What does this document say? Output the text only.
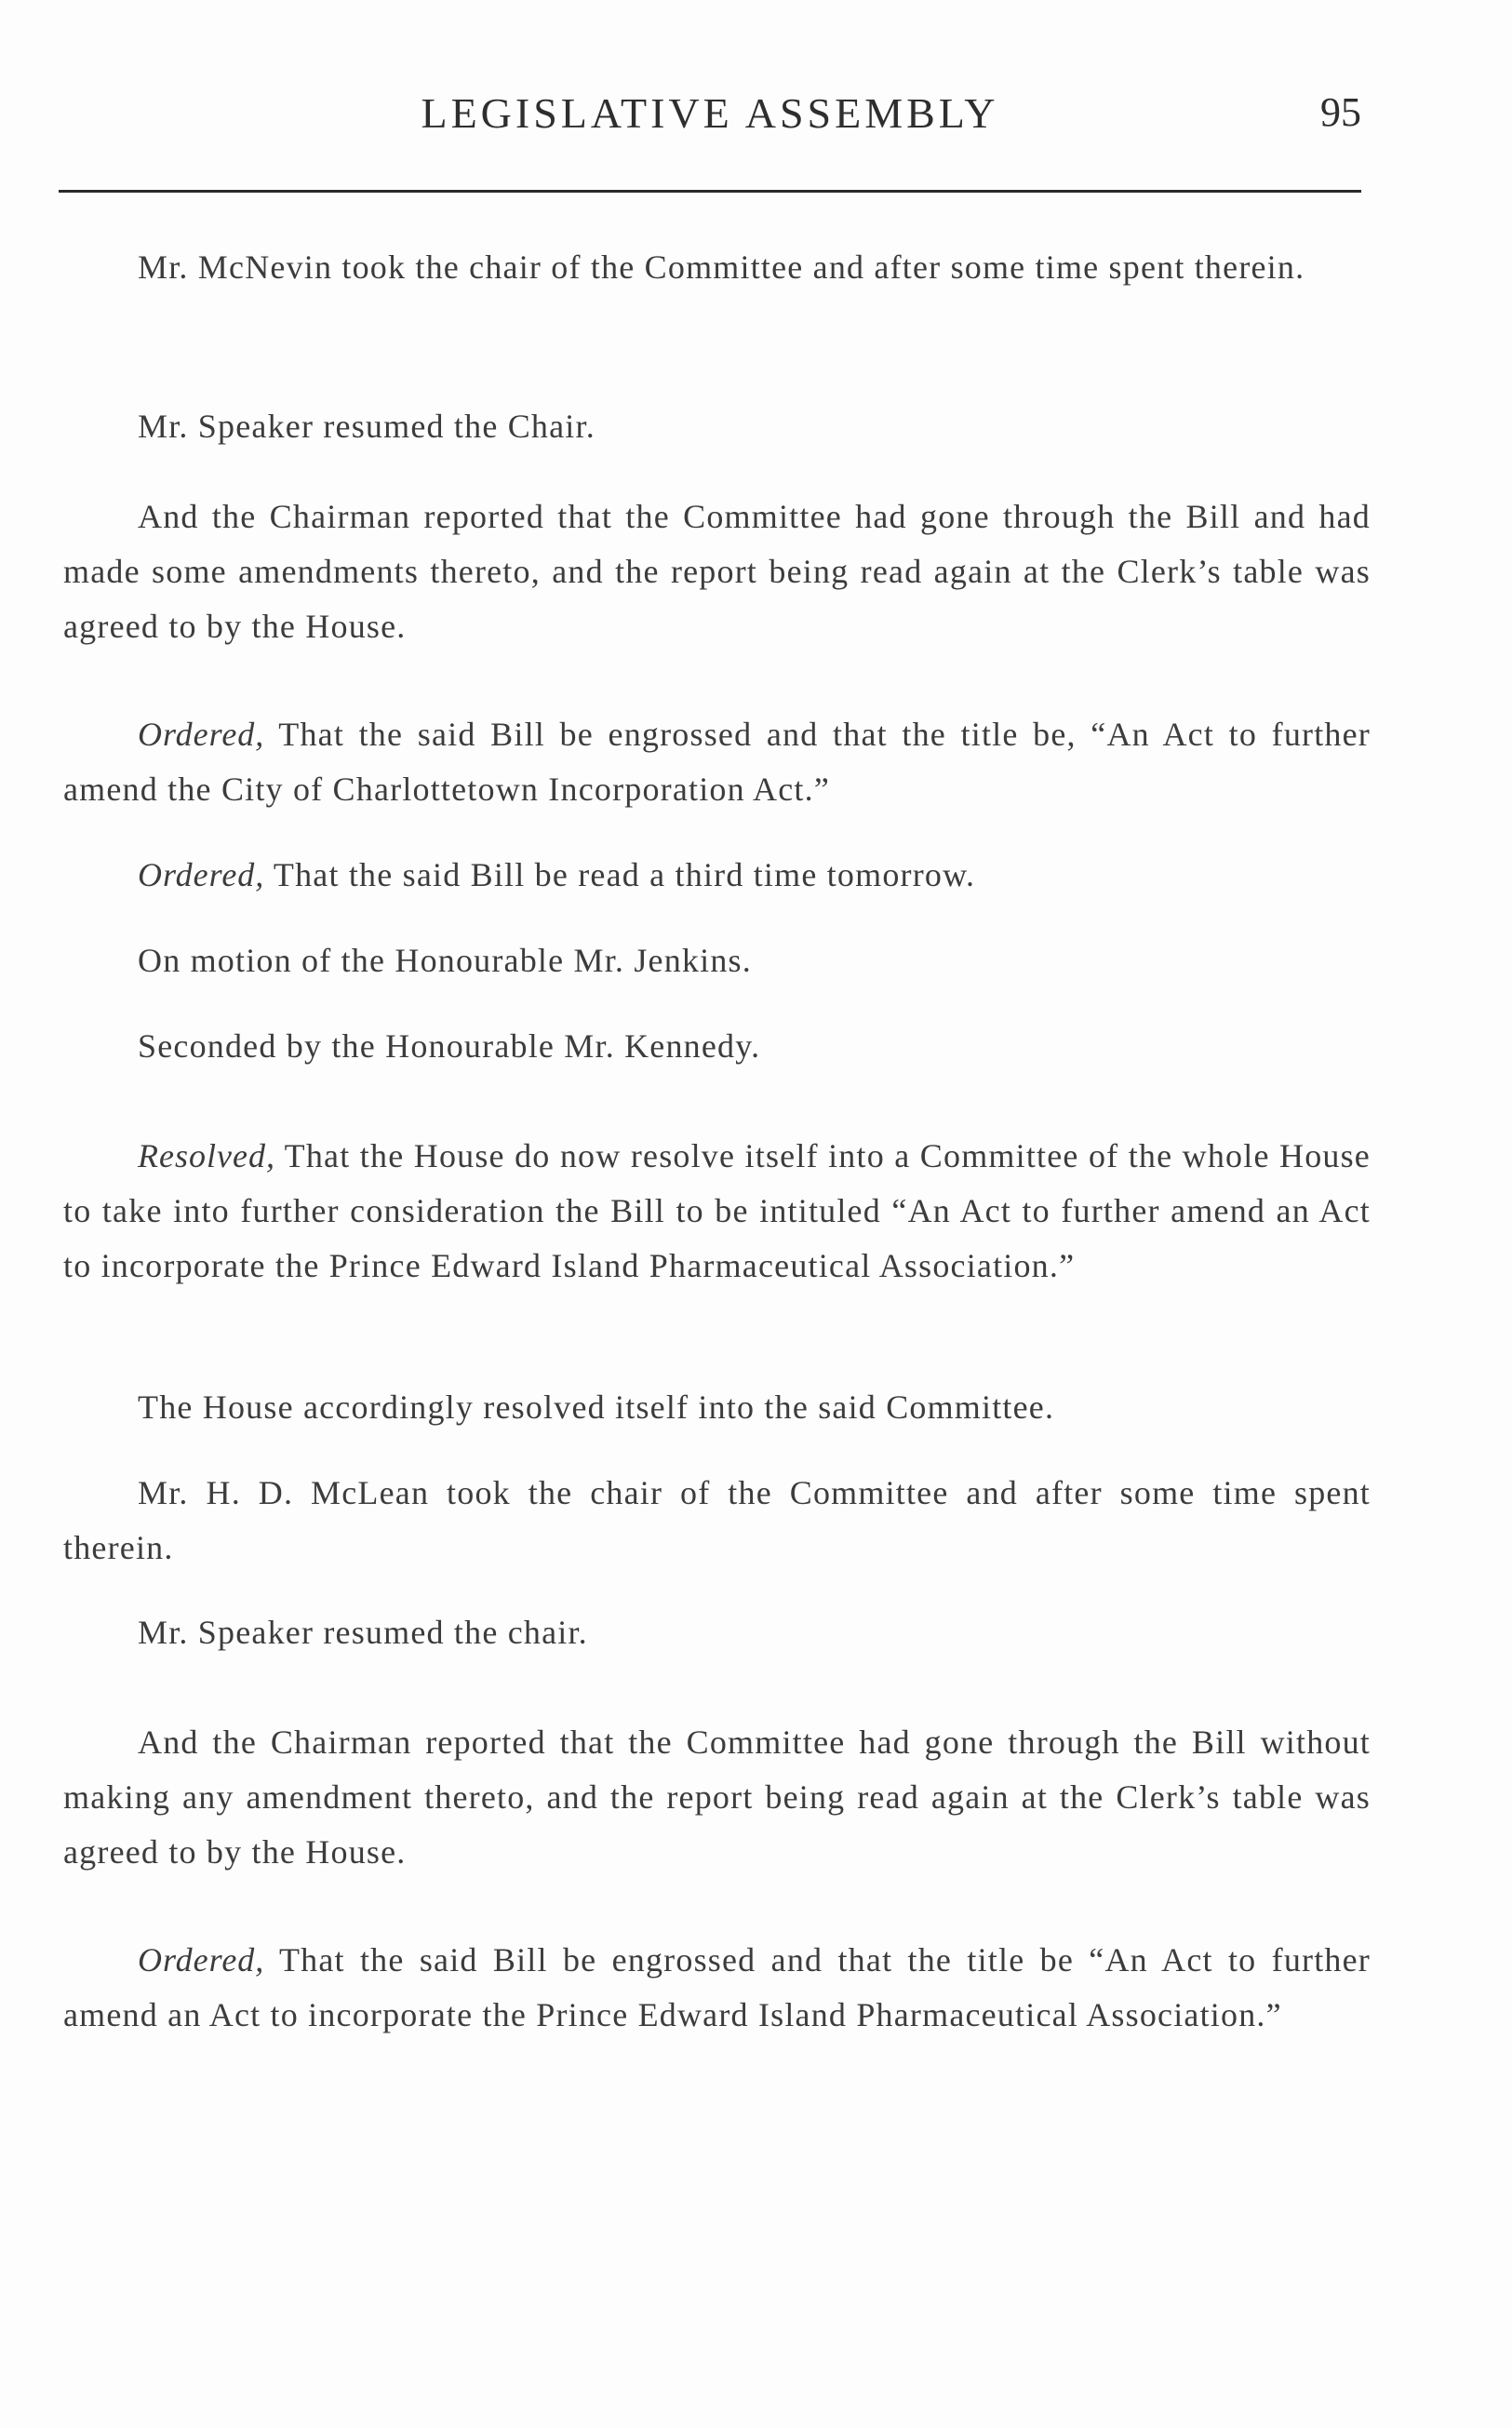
LEGISLATIVE ASSEMBLY	95

Mr. McNevin took the chair of the Committee and after some time spent therein.

Mr. Speaker resumed the Chair.

And the Chairman reported that the Committee had gone through the Bill and had made some amendments thereto, and the report being read again at the Clerk’s table was agreed to by the House.

Ordered, That the said Bill be engrossed and that the title be, “An Act to further amend the City of Charlottetown Incorporation Act.”

Ordered, That the said Bill be read a third time tomorrow.

On motion of the Honourable Mr. Jenkins.

Seconded by the Honourable Mr. Kennedy.

Resolved, That the House do now resolve itself into a Committee of the whole House to take into further consideration the Bill to be intituled “An Act to further amend an Act to incorporate the Prince Edward Island Pharmaceutical Association.”

The House accordingly resolved itself into the said Committee.

Mr. H. D. McLean took the chair of the Committee and after some time spent therein.

Mr. Speaker resumed the chair.

And the Chairman reported that the Committee had gone through the Bill without making any amendment thereto, and the report being read again at the Clerk’s table was agreed to by the House.

Ordered, That the said Bill be engrossed and that the title be “An Act to further amend an Act to incorporate the Prince Edward Island Pharmaceutical Association.”
